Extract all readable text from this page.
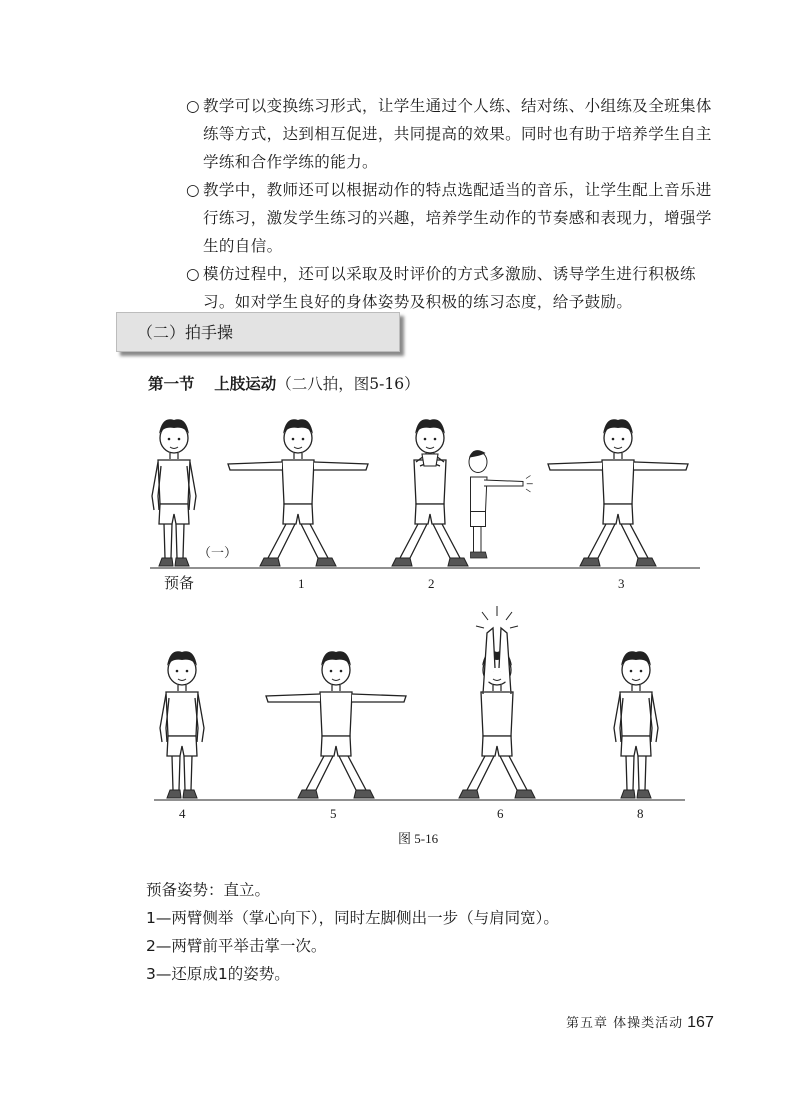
○ 教学可以变换练习形式，让学生通过个人练、结对练、小组练及全班集体练等方式，达到相互促进，共同提高的效果。同时也有助于培养学生自主学练和合作学练的能力。

○ 教学中，教师还可以根据动作的特点选配适当的音乐，让学生配上音乐进行练习，激发学生练习的兴趣，培养学生动作的节奏感和表现力，增强学生的自信。

○ 模仿过程中，还可以采取及时评价的方式多激励、诱导学生进行积极练习。如对学生良好的身体姿势及积极的练习态度，给予鼓励。

（二）拍手操
第一节 上肢运动（二八拍，图5-16）
（一）
预备	1	2	3
4	5	6	8
图 5-16

预备姿势：直立。

1—两臂侧举（掌心向下），同时左脚侧出一步（与肩同宽）。

2—两臂前平举击掌一次。

3—还原成1的姿势。

第五章 体操类活动 167
